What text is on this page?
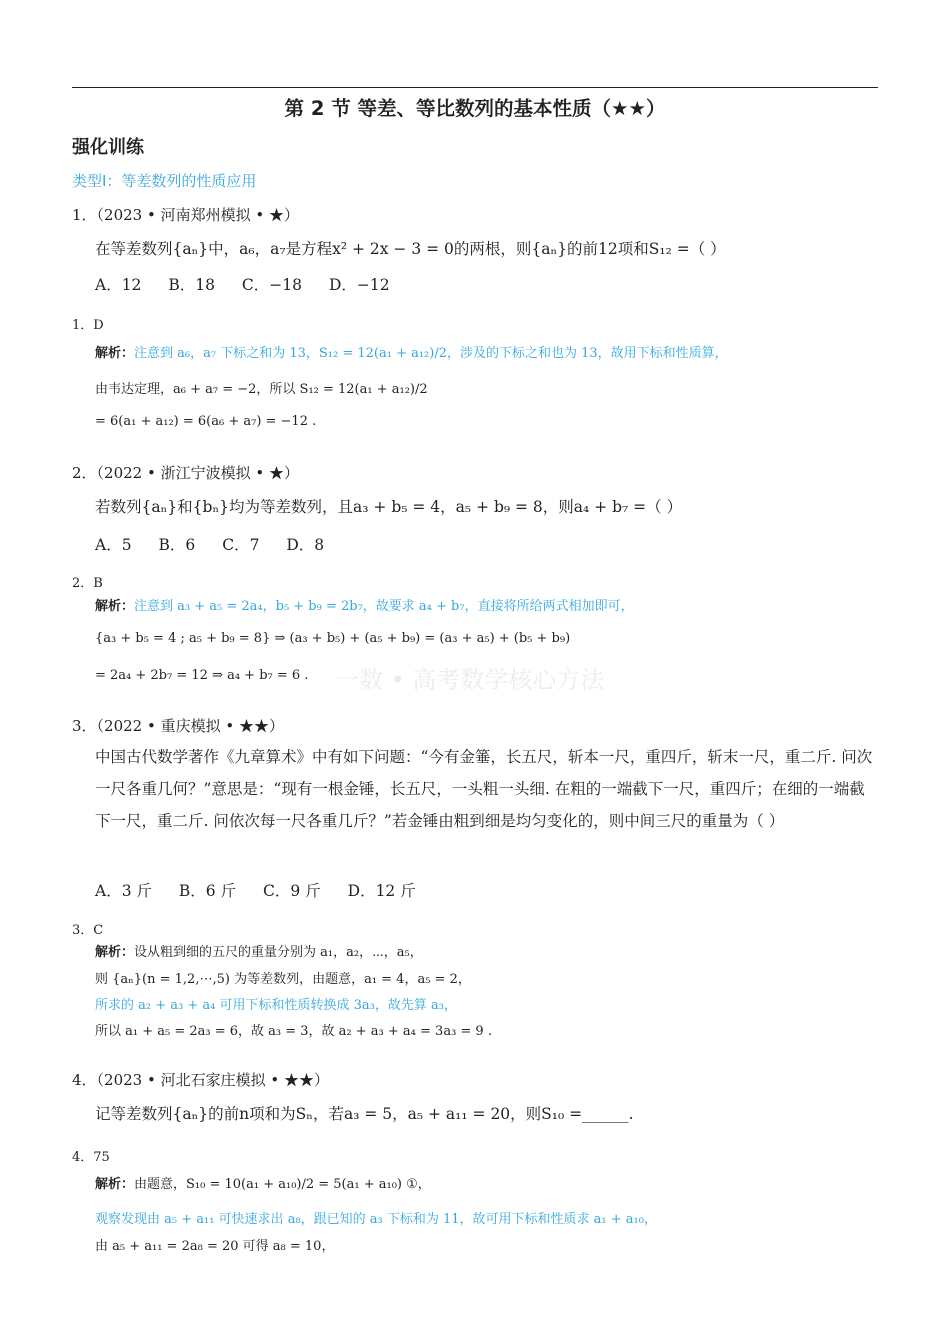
第 2 节 等差、等比数列的基本性质（★★）
强化训练
类型Ⅰ：等差数列的性质应用
一数 • 高考数学核心方法
1．（2023 • 河南郑州模拟 • ★）
在等差数列{aₙ}中，a₆，a₇是方程x² + 2x − 3 = 0的两根，则{aₙ}的前12项和S₁₂ =（ ）
A．12 B．18 C．−18 D．−12
1．D
解析：注意到 a₆，a₇ 下标之和为 13，S₁₂ = 12(a₁ + a₁₂)/2，涉及的下标之和也为 13，故用下标和性质算，
由韦达定理，a₆ + a₇ = −2，所以 S₁₂ = 12(a₁ + a₁₂)/2
= 6(a₁ + a₁₂) = 6(a₆ + a₇) = −12 .
2．（2022 • 浙江宁波模拟 • ★）
若数列{aₙ}和{bₙ}均为等差数列，且a₃ + b₅ = 4，a₅ + b₉ = 8，则a₄ + b₇ =（ ）
A．5 B．6 C．7 D．8
2．B
解析：注意到 a₃ + a₅ = 2a₄，b₅ + b₉ = 2b₇，故要求 a₄ + b₇，直接将所给两式相加即可，
{a₃ + b₅ = 4 ; a₅ + b₉ = 8} ⇒ (a₃ + b₅) + (a₅ + b₉) = (a₃ + a₅) + (b₅ + b₉)
= 2a₄ + 2b₇ = 12 ⇒ a₄ + b₇ = 6 .
3．（2022 • 重庆模拟 • ★★）
中国古代数学著作《九章算术》中有如下问题：“今有金箠，长五尺，斩本一尺，重四斤，斩末一尺，重二斤. 问次一尺各重几何？”意思是：“现有一根金锤，长五尺，一头粗一头细. 在粗的一端截下一尺，重四斤；在细的一端截下一尺，重二斤. 问依次每一尺各重几斤？”若金锤由粗到细是均匀变化的，则中间三尺的重量为（ ）
A．3 斤 B．6 斤 C．9 斤 D．12 斤
3．C
解析：设从粗到细的五尺的重量分别为 a₁，a₂，⋯，a₅，
则 {aₙ}(n = 1,2,⋯,5) 为等差数列，由题意，a₁ = 4，a₅ = 2，
所求的 a₂ + a₃ + a₄ 可用下标和性质转换成 3a₃，故先算 a₃，
所以 a₁ + a₅ = 2a₃ = 6，故 a₃ = 3，故 a₂ + a₃ + a₄ = 3a₃ = 9 .
4．（2023 • 河北石家庄模拟 • ★★）
记等差数列{aₙ}的前n项和为Sₙ，若a₃ = 5，a₅ + a₁₁ = 20，则S₁₀ =______.
4．75
解析：由题意，S₁₀ = 10(a₁ + a₁₀)/2 = 5(a₁ + a₁₀) ①，
观察发现由 a₅ + a₁₁ 可快速求出 a₈，跟已知的 a₃ 下标和为 11，故可用下标和性质求 a₁ + a₁₀，
由 a₅ + a₁₁ = 2a₈ = 20 可得 a₈ = 10，
